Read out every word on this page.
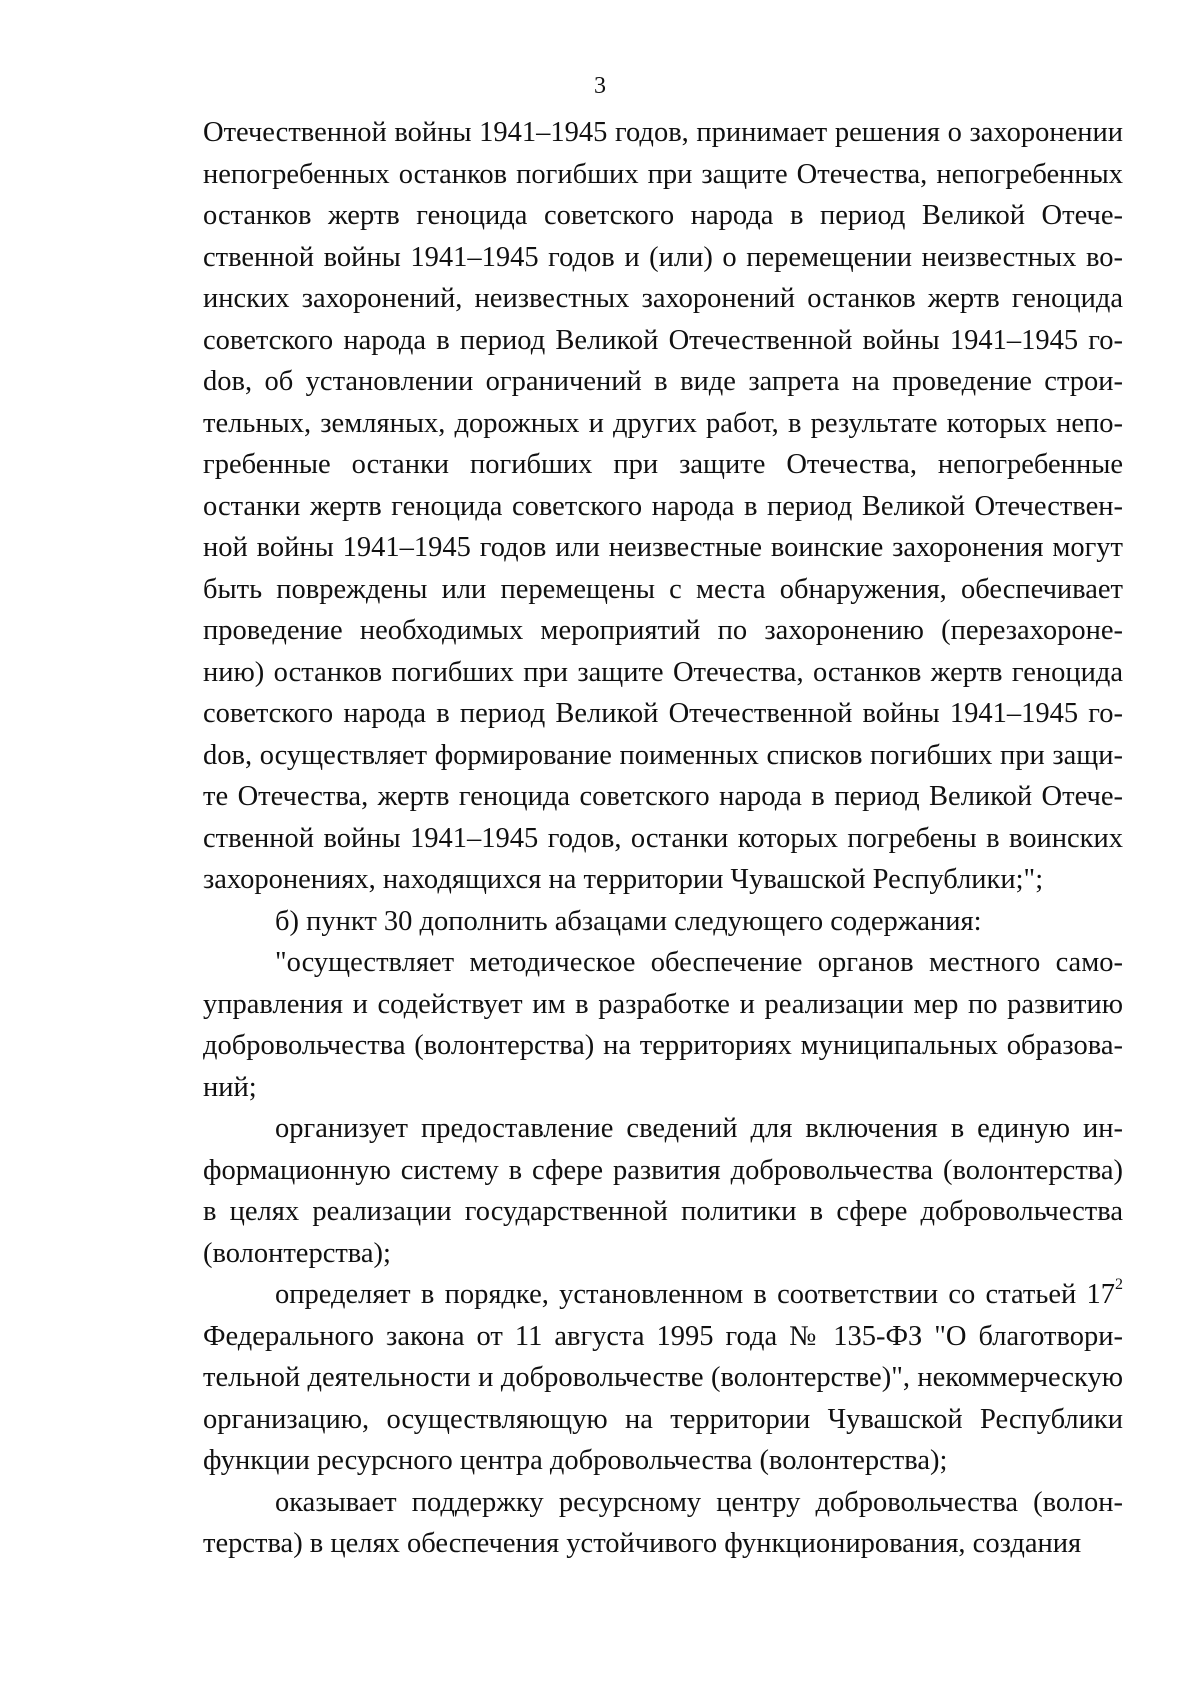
3

Отечественной войны 1941–1945 годов, принимает решения о захоронении непогребенных останков погибших при защите Отечества, непогребенных останков жертв геноцида советского народа в период Великой Отечественной войны 1941–1945 годов и (или) о перемещении неизвестных воинских захоронений, неизвестных захоронений останков жертв геноцида советского народа в период Великой Отечественной войны 1941–1945 гоdов, об установлении ограничений в виде запрета на проведение строительных, земляных, дорожных и других работ, в результате которых непогребенные останки погибших при защите Отечества, непогребенные останки жертв геноцида советского народа в период Великой Отечественной войны 1941–1945 годов или неизвестные воинские захоронения могут быть повреждены или перемещены с места обнаружения, обеспечивает проведение необходимых мероприятий по захоронению (перезахоронению) останков погибших при защите Отечества, останков жертв геноцида советского народа в период Великой Отечественной войны 1941–1945 гоdов, осуществляет формирование поименных списков погибших при защите Отечества, жертв геноцида советского народа в период Великой Отечественной войны 1941–1945 годов, останки которых погребены в воинских захоронениях, находящихся на территории Чувашской Республики;";

б) пункт 30 дополнить абзацами следующего содержания:

"осуществляет методическое обеспечение органов местного самоуправления и содействует им в разработке и реализации мер по развитию добровольчества (волонтерства) на территориях муниципальных образований;

организует предоставление сведений для включения в единую информационную систему в сфере развития добровольчества (волонтерства) в целях реализации государственной политики в сфере добровольчества (волонтерства);

определяет в порядке, установленном в соответствии со статьей $17^2$ Федерального закона от 11 августа 1995 года № 135-ФЗ "О благотворительной деятельности и добровольчестве (волонтерстве)", некоммерческую организацию, осуществляющую на территории Чувашской Республики функции ресурсного центра добровольчества (волонтерства);

оказывает поддержку ресурсному центру добровольчества (волонтерства) в целях обеспечения устойчивого функционирования, создания
